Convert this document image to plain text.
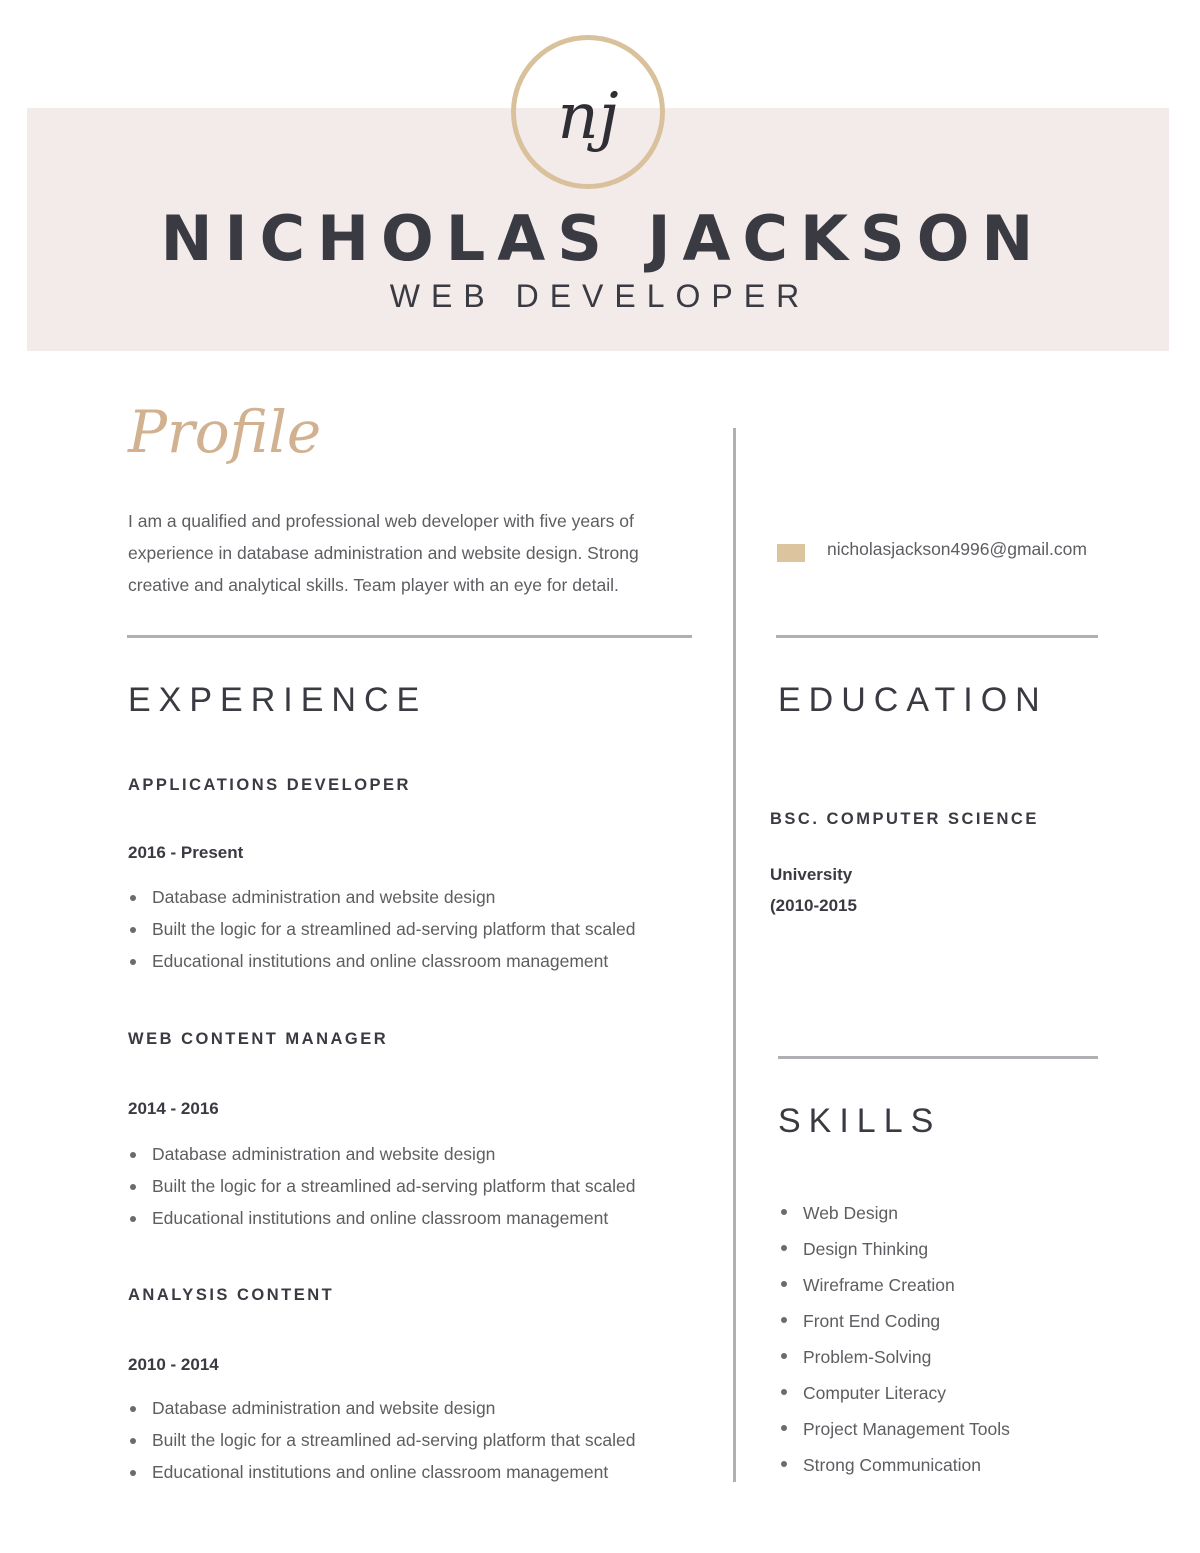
nj
NICHOLAS JACKSON
WEB DEVELOPER
Profile
I am a qualified and professional web developer with five years of experience in database administration and website design. Strong creative and analytical skills. Team player with an eye for detail.
nicholasjackson4996@gmail.com
EXPERIENCE
APPLICATIONS DEVELOPER
2016 - Present
Database administration and website design
Built the logic for a streamlined ad-serving platform that scaled
Educational institutions and online classroom management
WEB CONTENT MANAGER
2014 - 2016
Database administration and website design
Built the logic for a streamlined ad-serving platform that scaled
Educational institutions and online classroom management
ANALYSIS CONTENT
2010 - 2014
Database administration and website design
Built the logic for a streamlined ad-serving platform that scaled
Educational institutions and online classroom management
EDUCATION
BSC. COMPUTER SCIENCE
University
(2010-2015
SKILLS
Web Design
Design Thinking
Wireframe Creation
Front End Coding
Problem-Solving
Computer Literacy
Project Management Tools
Strong Communication
